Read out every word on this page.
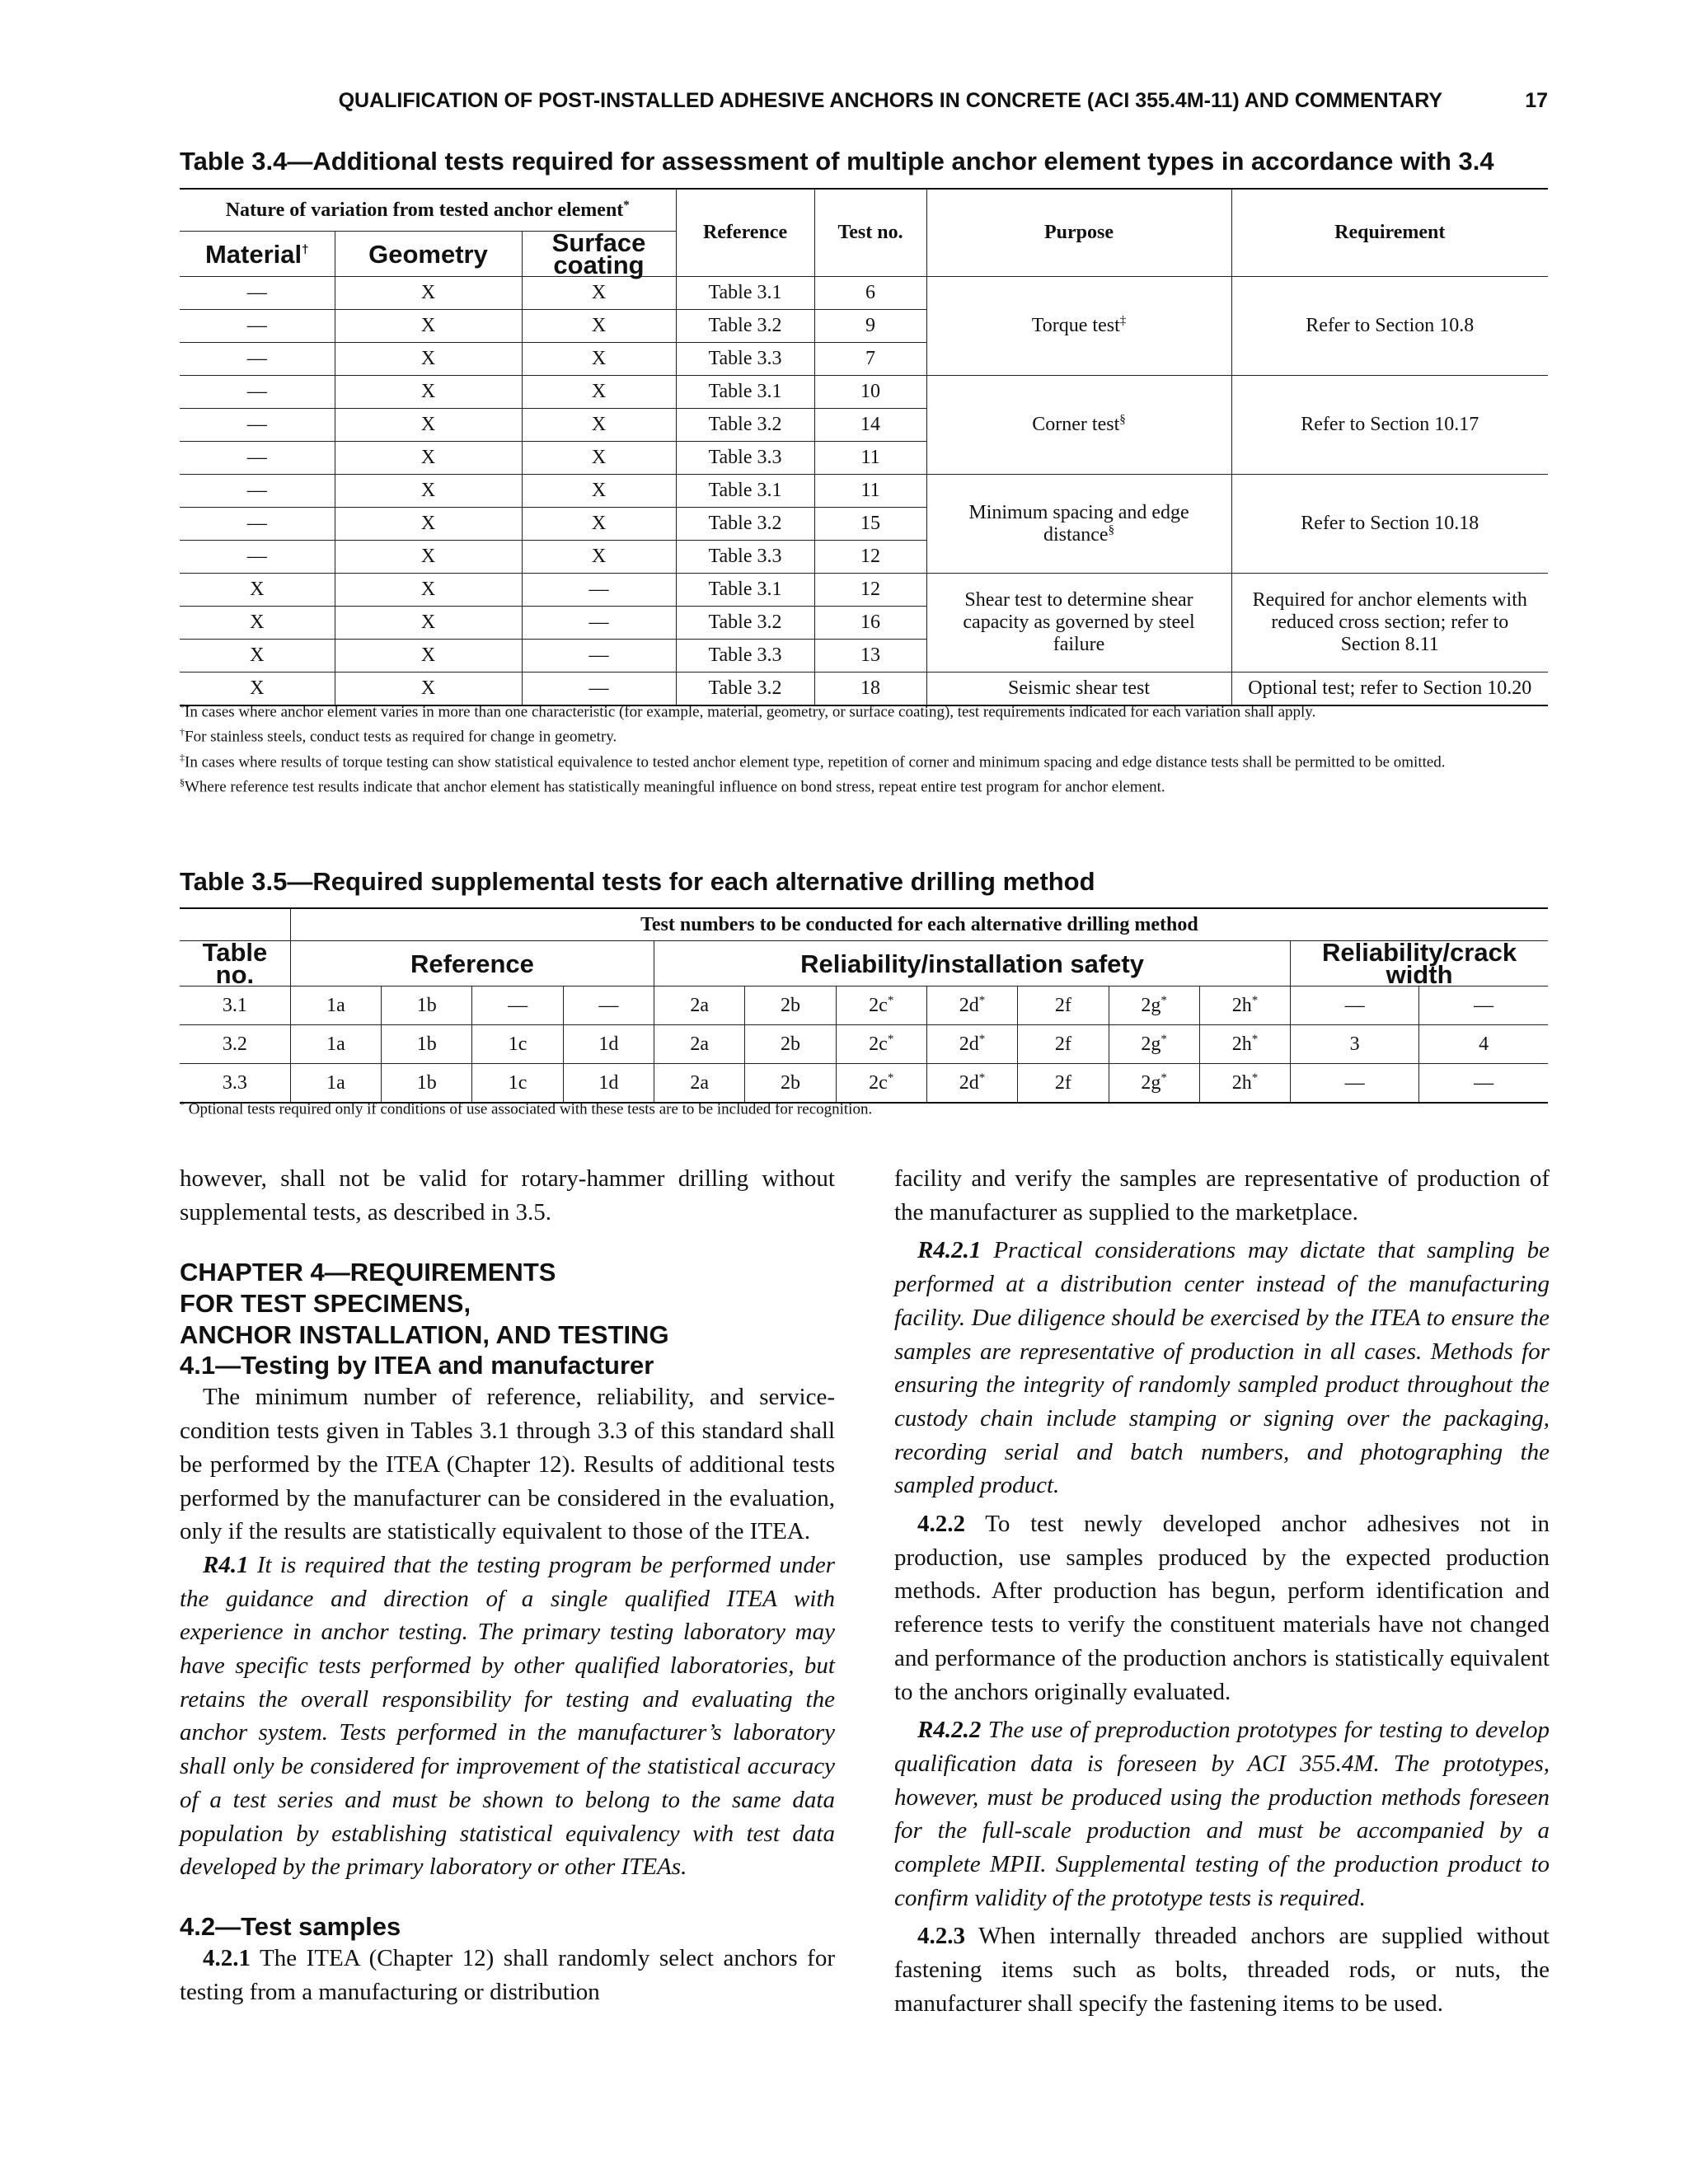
QUALIFICATION OF POST-INSTALLED ADHESIVE ANCHORS IN CONCRETE (ACI 355.4M-11) AND COMMENTARY	17
Table 3.4—Additional tests required for assessment of multiple anchor element types in accordance with 3.4
Nature of variation from tested anchor element*			Reference	Test no.	Purpose	Requirement
Material†	Geometry	Surface coating				
—	X	X	Table 3.1	6	Torque test‡	Refer to Section 10.8
—	X	X	Table 3.2	9		
—	X	X	Table 3.3	7		
—	X	X	Table 3.1	10	Corner test§	Refer to Section 10.17
—	X	X	Table 3.2	14		
—	X	X	Table 3.3	11		
—	X	X	Table 3.1	11	Minimum spacing and edge distance§	Refer to Section 10.18
—	X	X	Table 3.2	15		
—	X	X	Table 3.3	12		
X	X	—	Table 3.1	12	Shear test to determine shear capacity as governed by steel failure	Required for anchor elements with reduced cross section; refer to Section 8.11
X	X	—	Table 3.2	16		
X	X	—	Table 3.3	13		
X	X	—	Table 3.2	18	Seismic shear test	Optional test; refer to Section 10.20

*In cases where anchor element varies in more than one characteristic (for example, material, geometry, or surface coating), test requirements indicated for each variation shall apply.

†For stainless steels, conduct tests as required for change in geometry.

‡In cases where results of torque testing can show statistical equivalence to tested anchor element type, repetition of corner and minimum spacing and edge distance tests shall be permitted to be omitted.

§Where reference test results indicate that anchor element has statistically meaningful influence on bond stress, repeat entire test program for anchor element.

Table 3.5—Required supplemental tests for each alternative drilling method
	Test numbers to be conducted for each alternative drilling method												
Table no.	Reference				Reliability/installation safety							Reliability/crack width	
3.1	1a	1b	—	—	2a	2b	2c*	2d*	2f	2g*	2h*	—	—
3.2	1a	1b	1c	1d	2a	2b	2c*	2d*	2f	2g*	2h*	3	4
3.3	1a	1b	1c	1d	2a	2b	2c*	2d*	2f	2g*	2h*	—	—

* Optional tests required only if conditions of use associated with these tests are to be included for recognition.

however, shall not be valid for rotary-hammer drilling without supplemental tests, as described in 3.5.

CHAPTER 4—REQUIREMENTS
FOR TEST SPECIMENS,
ANCHOR INSTALLATION, AND TESTING

4.1—Testing by ITEA and manufacturer

The minimum number of reference, reliability, and service-condition tests given in Tables 3.1 through 3.3 of this standard shall be performed by the ITEA (Chapter 12). Results of additional tests performed by the manufacturer can be considered in the evaluation, only if the results are statistically equivalent to those of the ITEA.

R4.1 It is required that the testing program be performed under the guidance and direction of a single qualified ITEA with experience in anchor testing. The primary testing laboratory may have specific tests performed by other qualified laboratories, but retains the overall responsibility for testing and evaluating the anchor system. Tests performed in the manufacturer’s laboratory shall only be considered for improvement of the statistical accuracy of a test series and must be shown to belong to the same data population by establishing statistical equivalency with test data developed by the primary laboratory or other ITEAs.

4.2—Test samples

4.2.1 The ITEA (Chapter 12) shall randomly select anchors for testing from a manufacturing or distribution

facility and verify the samples are representative of production of the manufacturer as supplied to the marketplace.

R4.2.1 Practical considerations may dictate that sampling be performed at a distribution center instead of the manufacturing facility. Due diligence should be exercised by the ITEA to ensure the samples are representative of production in all cases. Methods for ensuring the integrity of randomly sampled product throughout the custody chain include stamping or signing over the packaging, recording serial and batch numbers, and photographing the sampled product.

4.2.2 To test newly developed anchor adhesives not in production, use samples produced by the expected production methods. After production has begun, perform identification and reference tests to verify the constituent materials have not changed and performance of the production anchors is statistically equivalent to the anchors originally evaluated.

R4.2.2 The use of preproduction prototypes for testing to develop qualification data is foreseen by ACI 355.4M. The prototypes, however, must be produced using the production methods foreseen for the full-scale production and must be accompanied by a complete MPII. Supplemental testing of the production product to confirm validity of the prototype tests is required.

4.2.3 When internally threaded anchors are supplied without fastening items such as bolts, threaded rods, or nuts, the manufacturer shall specify the fastening items to be used.
